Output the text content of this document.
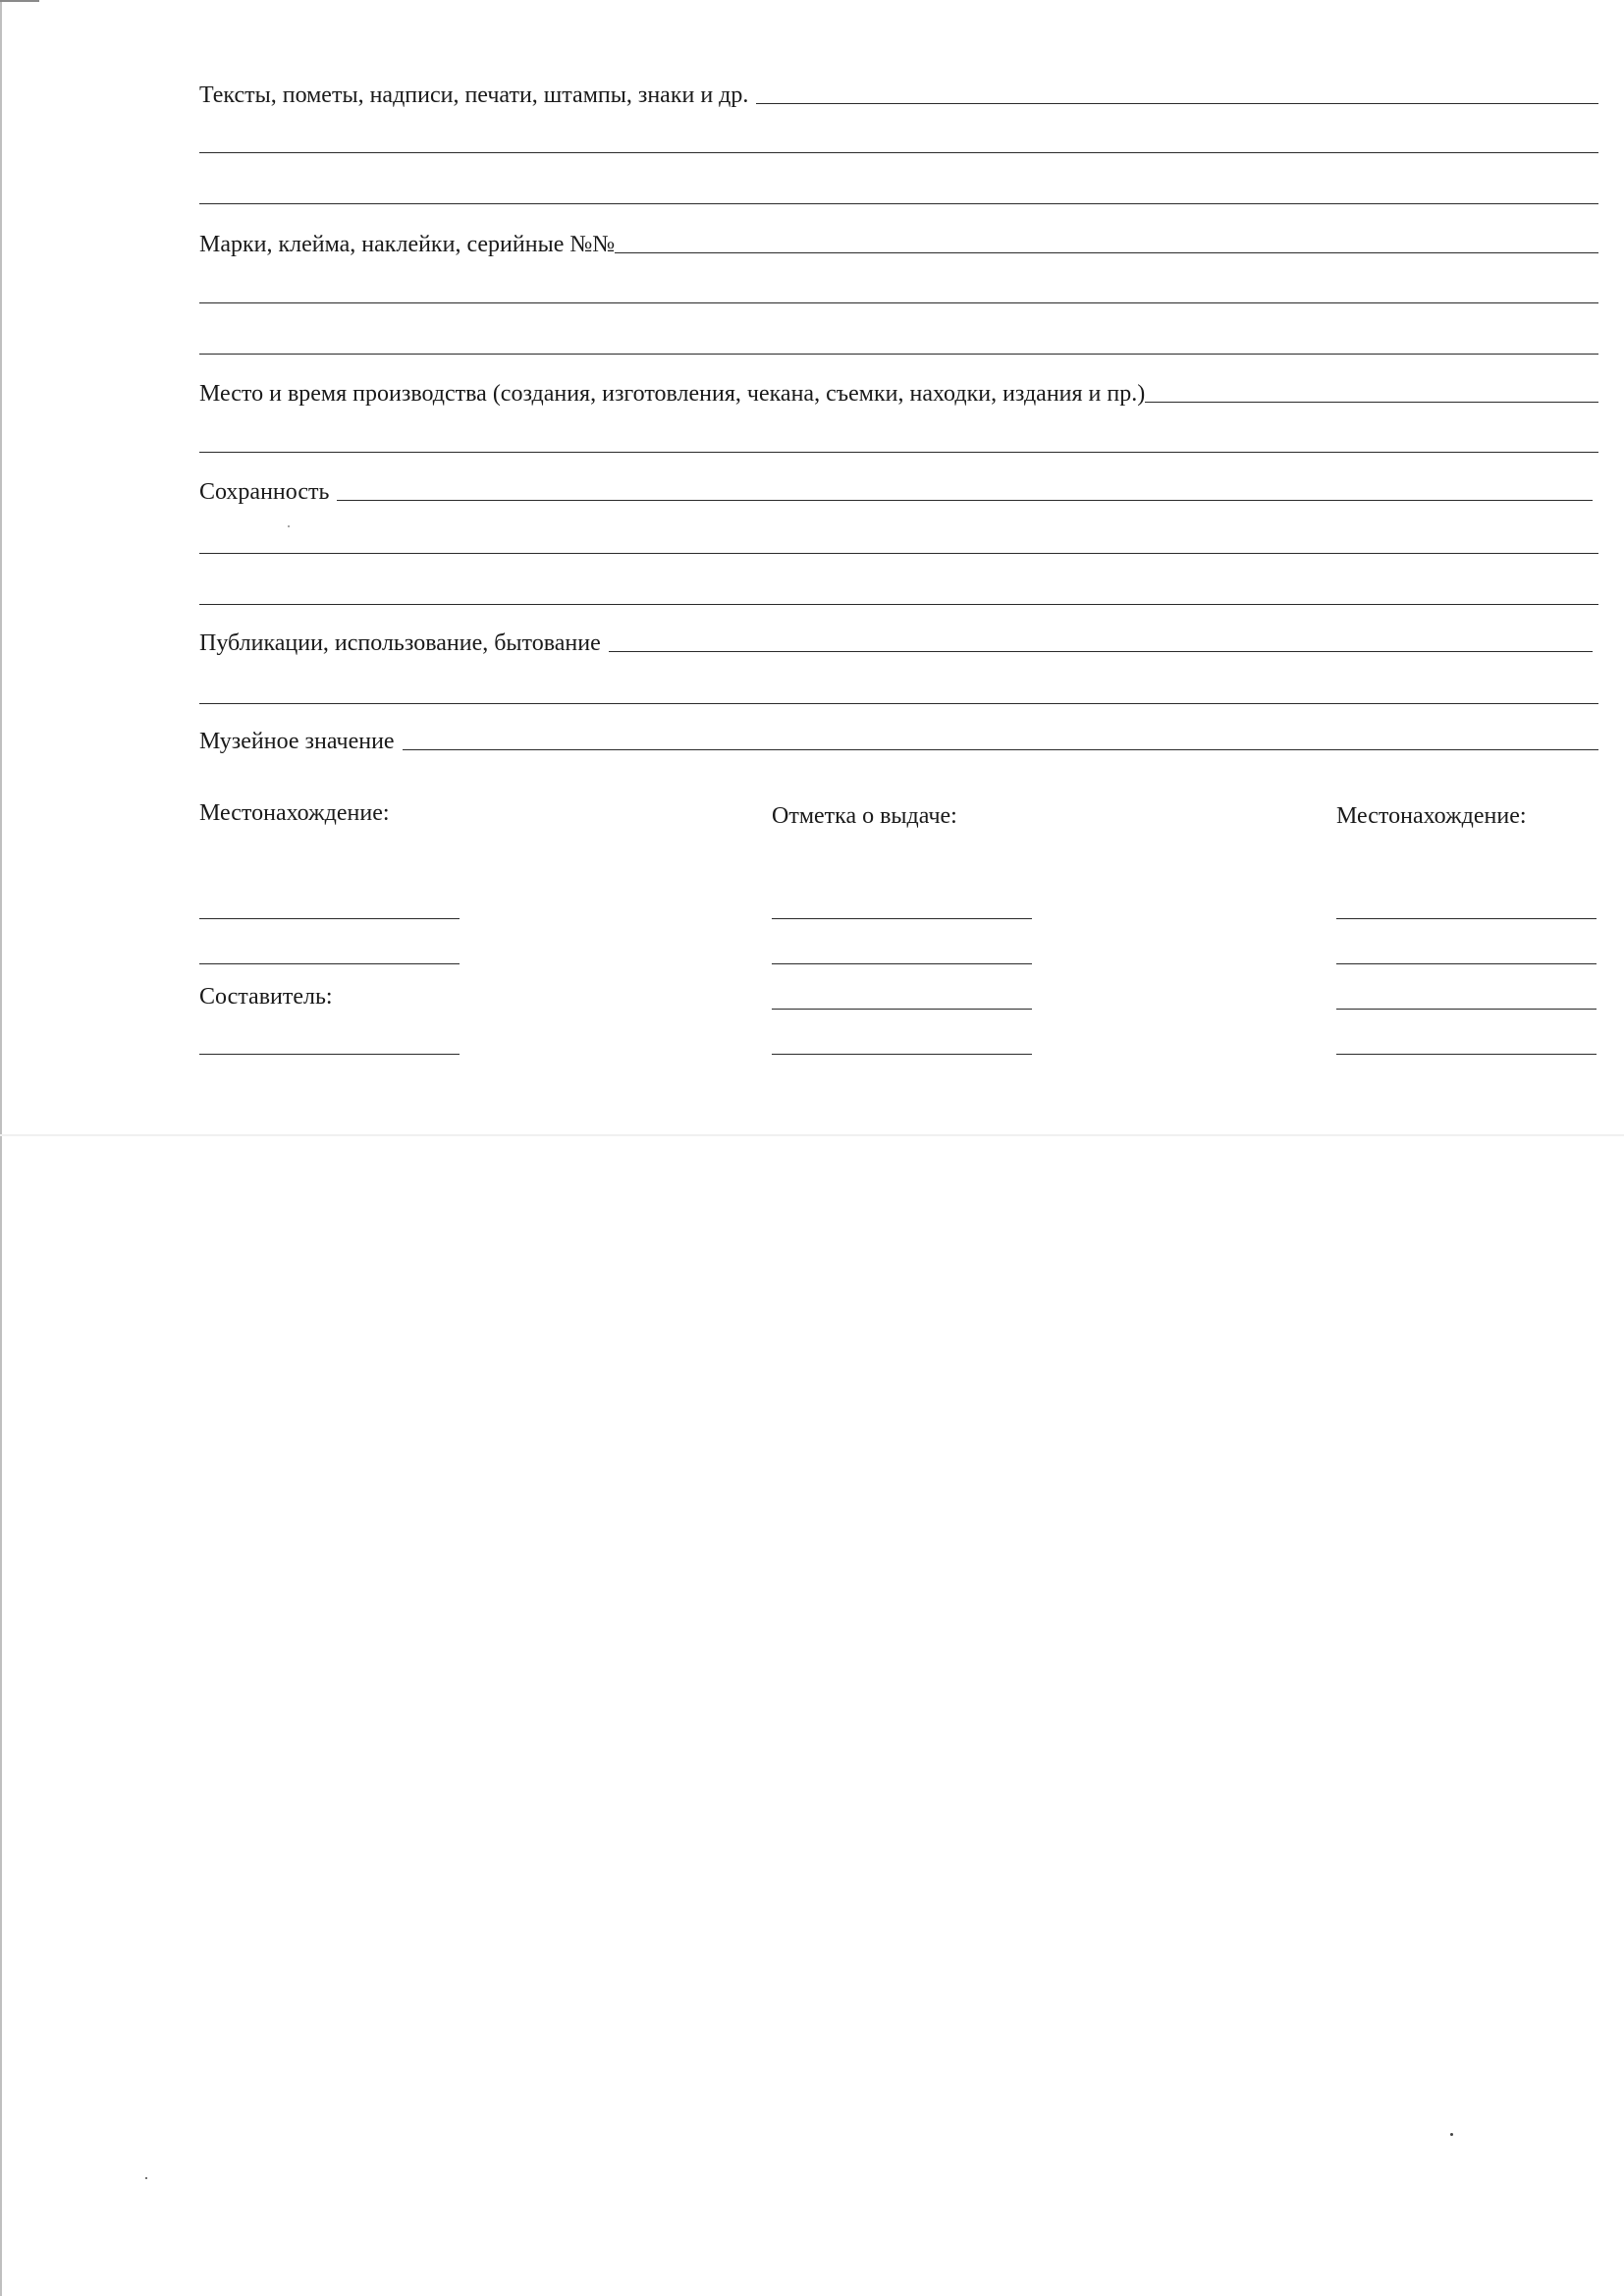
Тексты, пометы, надписи, печати, штампы, знаки и др.
Марки, клейма, наклейки, серийные №№
Место и время производства (создания, изготовления, чекана, съемки, находки, издания и пр.)
Сохранность
Публикации, использование, бытование
Музейное значение
Местонахождение:	Отметка о выдаче:	Местонахождение:
Составитель:
